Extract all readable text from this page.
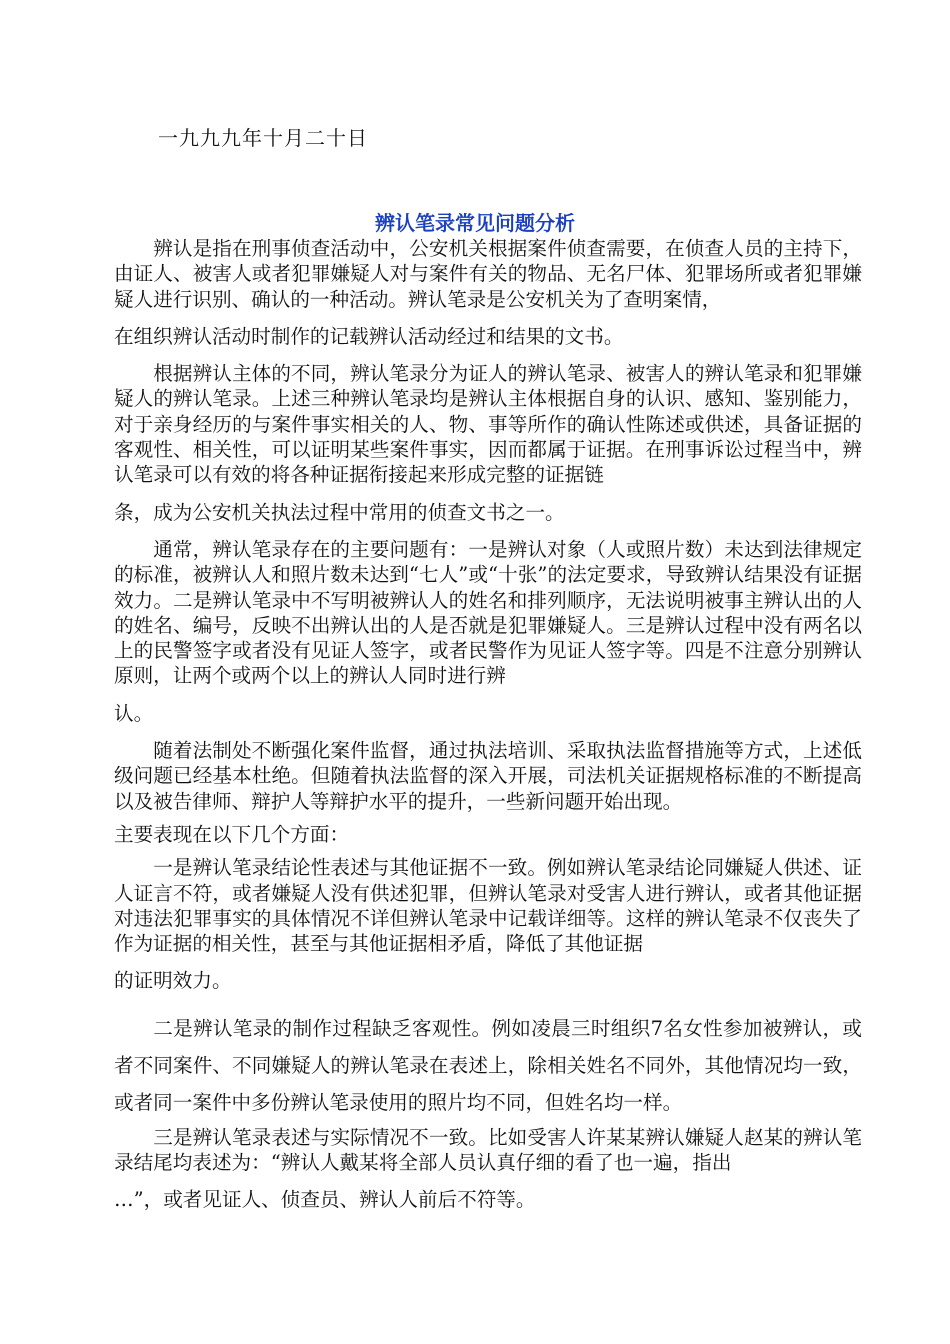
一九九九年十月二十日
辨认笔录常见问题分析

辨认是指在刑事侦查活动中，公安机关根据案件侦查需要，在侦查人员的主持下，由证人、被害人或者犯罪嫌疑人对与案件有关的物品、无名尸体、犯罪场所或者犯罪嫌疑人进行识别、确认的一种活动。辨认笔录是公安机关为了查明案情，

在组织辨认活动时制作的记载辨认活动经过和结果的文书。

根据辨认主体的不同，辨认笔录分为证人的辨认笔录、被害人的辨认笔录和犯罪嫌疑人的辨认笔录。上述三种辨认笔录均是辨认主体根据自身的认识、感知、鉴别能力，对于亲身经历的与案件事实相关的人、物、事等所作的确认性陈述或供述，具备证据的客观性、相关性，可以证明某些案件事实，因而都属于证据。在刑事诉讼过程当中，辨认笔录可以有效的将各种证据衔接起来形成完整的证据链

条，成为公安机关执法过程中常用的侦查文书之一。

通常，辨认笔录存在的主要问题有：一是辨认对象（人或照片数）未达到法律规定的标准，被辨认人和照片数未达到“七人”或“十张”的法定要求，导致辨认结果没有证据效力。二是辨认笔录中不写明被辨认人的姓名和排列顺序，无法说明被事主辨认出的人的姓名、编号，反映不出辨认出的人是否就是犯罪嫌疑人。三是辨认过程中没有两名以上的民警签字或者没有见证人签字，或者民警作为见证人签字等。四是不注意分别辨认原则，让两个或两个以上的辨认人同时进行辨

认。

随着法制处不断强化案件监督，通过执法培训、采取执法监督措施等方式，上述低级问题已经基本杜绝。但随着执法监督的深入开展，司法机关证据规格标准的不断提高以及被告律师、辩护人等辩护水平的提升，一些新问题开始出现。

主要表现在以下几个方面：

一是辨认笔录结论性表述与其他证据不一致。例如辨认笔录结论同嫌疑人供述、证人证言不符，或者嫌疑人没有供述犯罪，但辨认笔录对受害人进行辨认，或者其他证据对违法犯罪事实的具体情况不详但辨认笔录中记载详细等。这样的辨认笔录不仅丧失了作为证据的相关性，甚至与其他证据相矛盾，降低了其他证据

的证明效力。

二是辨认笔录的制作过程缺乏客观性。例如凌晨三时组织7名女性参加被辨认，或者不同案件、不同嫌疑人的辨认笔录在表述上，除相关姓名不同外，其他情况均一致，或者同一案件中多份辨认笔录使用的照片均不同，但姓名均一样。

三是辨认笔录表述与实际情况不一致。比如受害人许某某辨认嫌疑人赵某的辨认笔录结尾均表述为：“辨认人戴某将全部人员认真仔细的看了也一遍，指出

…”，或者见证人、侦查员、辨认人前后不符等。
